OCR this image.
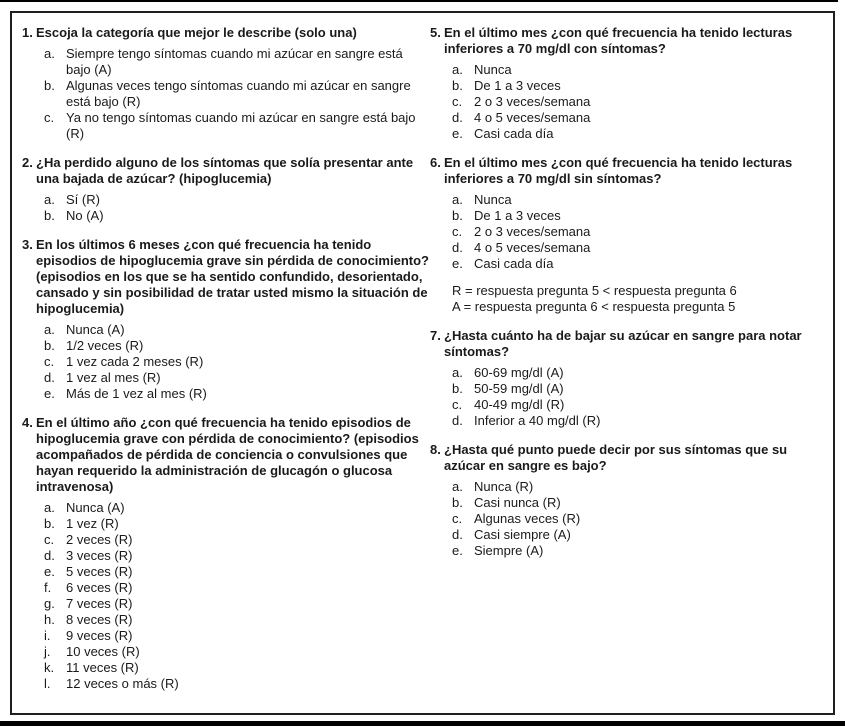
1. Escoja la categoría que mejor le describe (solo una)
a. Siempre tengo síntomas cuando mi azúcar en sangre está bajo (A)
b. Algunas veces tengo síntomas cuando mi azúcar en sangre está bajo (R)
c. Ya no tengo síntomas cuando mi azúcar en sangre está bajo (R)
2. ¿Ha perdido alguno de los síntomas que solía presentar ante una bajada de azúcar? (hipoglucemia)
a. Sí (R)
b. No (A)
3. En los últimos 6 meses ¿con qué frecuencia ha tenido episodios de hipoglucemia grave sin pérdida de conocimiento? (episodios en los que se ha sentido confundido, desorientado, cansado y sin posibilidad de tratar usted mismo la situación de hipoglucemia)
a. Nunca (A)
b. 1/2 veces (R)
c. 1 vez cada 2 meses (R)
d. 1 vez al mes (R)
e. Más de 1 vez al mes (R)
4. En el último año ¿con qué frecuencia ha tenido episodios de hipoglucemia grave con pérdida de conocimiento? (episodios acompañados de pérdida de conciencia o convulsiones que hayan requerido la administración de glucagón o glucosa intravenosa)
a. Nunca (A)
b. 1 vez (R)
c. 2 veces (R)
d. 3 veces (R)
e. 5 veces (R)
f.	6 veces (R)
g. 7 veces (R)
h. 8 veces (R)
i.	9 veces (R)
j.	10 veces (R)
k. 11 veces (R)
l.	12 veces o más (R)
5. En el último mes ¿con qué frecuencia ha tenido lecturas inferiores a 70 mg/dl con síntomas?
a. Nunca
b. De 1 a 3 veces
c. 2 o 3 veces/semana
d. 4 o 5 veces/semana
e. Casi cada día
6. En el último mes ¿con qué frecuencia ha tenido lecturas inferiores a 70 mg/dl sin síntomas?
a. Nunca
b. De 1 a 3 veces
c. 2 o 3 veces/semana
d. 4 o 5 veces/semana
e. Casi cada día
R = respuesta pregunta 5 < respuesta pregunta 6
A = respuesta pregunta 6 < respuesta pregunta 5
7. ¿Hasta cuánto ha de bajar su azúcar en sangre para notar síntomas?
a. 60-69 mg/dl (A)
b. 50-59 mg/dl (A)
c. 40-49 mg/dl (R)
d. Inferior a 40 mg/dl (R)
8. ¿Hasta qué punto puede decir por sus síntomas que su azúcar en sangre es bajo?
a. Nunca (R)
b. Casi nunca (R)
c. Algunas veces (R)
d. Casi siempre (A)
e. Siempre (A)
